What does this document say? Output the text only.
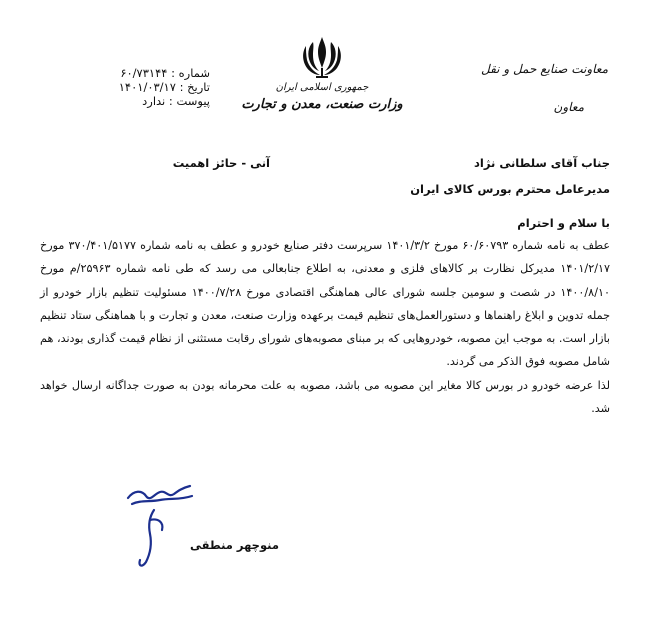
معاونت صنایع حمل و نقل
معاون
جمهوری اسلامی ایران
وزارت صنعت، معدن و تجارت
شماره : ۶۰/۷۳۱۴۴
تاریخ : ۱۴۰۱/۰۳/۱۷
پیوست : ندارد
جناب آقای سلطانی نژاد
مدیرعامل محترم بورس کالای ایران
آنی - حائز اهمیت
با سلام و احترام

عطف به نامه شماره ۶۰/۶۰۷۹۳ مورخ ۱۴۰۱/۳/۲ سرپرست دفتر صنایع خودرو و عطف به نامه شماره ۳۷۰/۴۰۱/۵۱۷۷ مورخ ۱۴۰۱/۲/۱۷ مدیرکل نظارت بر کالاهای فلزی و معدنی، به اطلاع جنابعالی می رسد که طی نامه شماره ۲۵۹۶۳/م مورخ ۱۴۰۰/۸/۱۰ در شصت و سومین جلسه شورای عالی هماهنگی اقتصادی مورخ ۱۴۰۰/۷/۲۸ مسئولیت تنظیم بازار خودرو از جمله تدوین و ابلاغ راهنماها و دستورالعمل‌های تنظیم قیمت برعهده وزارت صنعت، معدن و تجارت و با هماهنگی ستاد تنظیم بازار است. به موجب این مصوبه، خودروهایی که بر مبنای مصوبه‌های شورای رقابت مستثنی از نظام قیمت گذاری بودند، هم شامل مصوبه فوق الذکر می گردند.

لذا عرضه خودرو در بورس کالا مغایر این مصوبه می باشد، مصوبه به علت محرمانه بودن به صورت جداگانه ارسال خواهد شد.

منوچهر منطقی
